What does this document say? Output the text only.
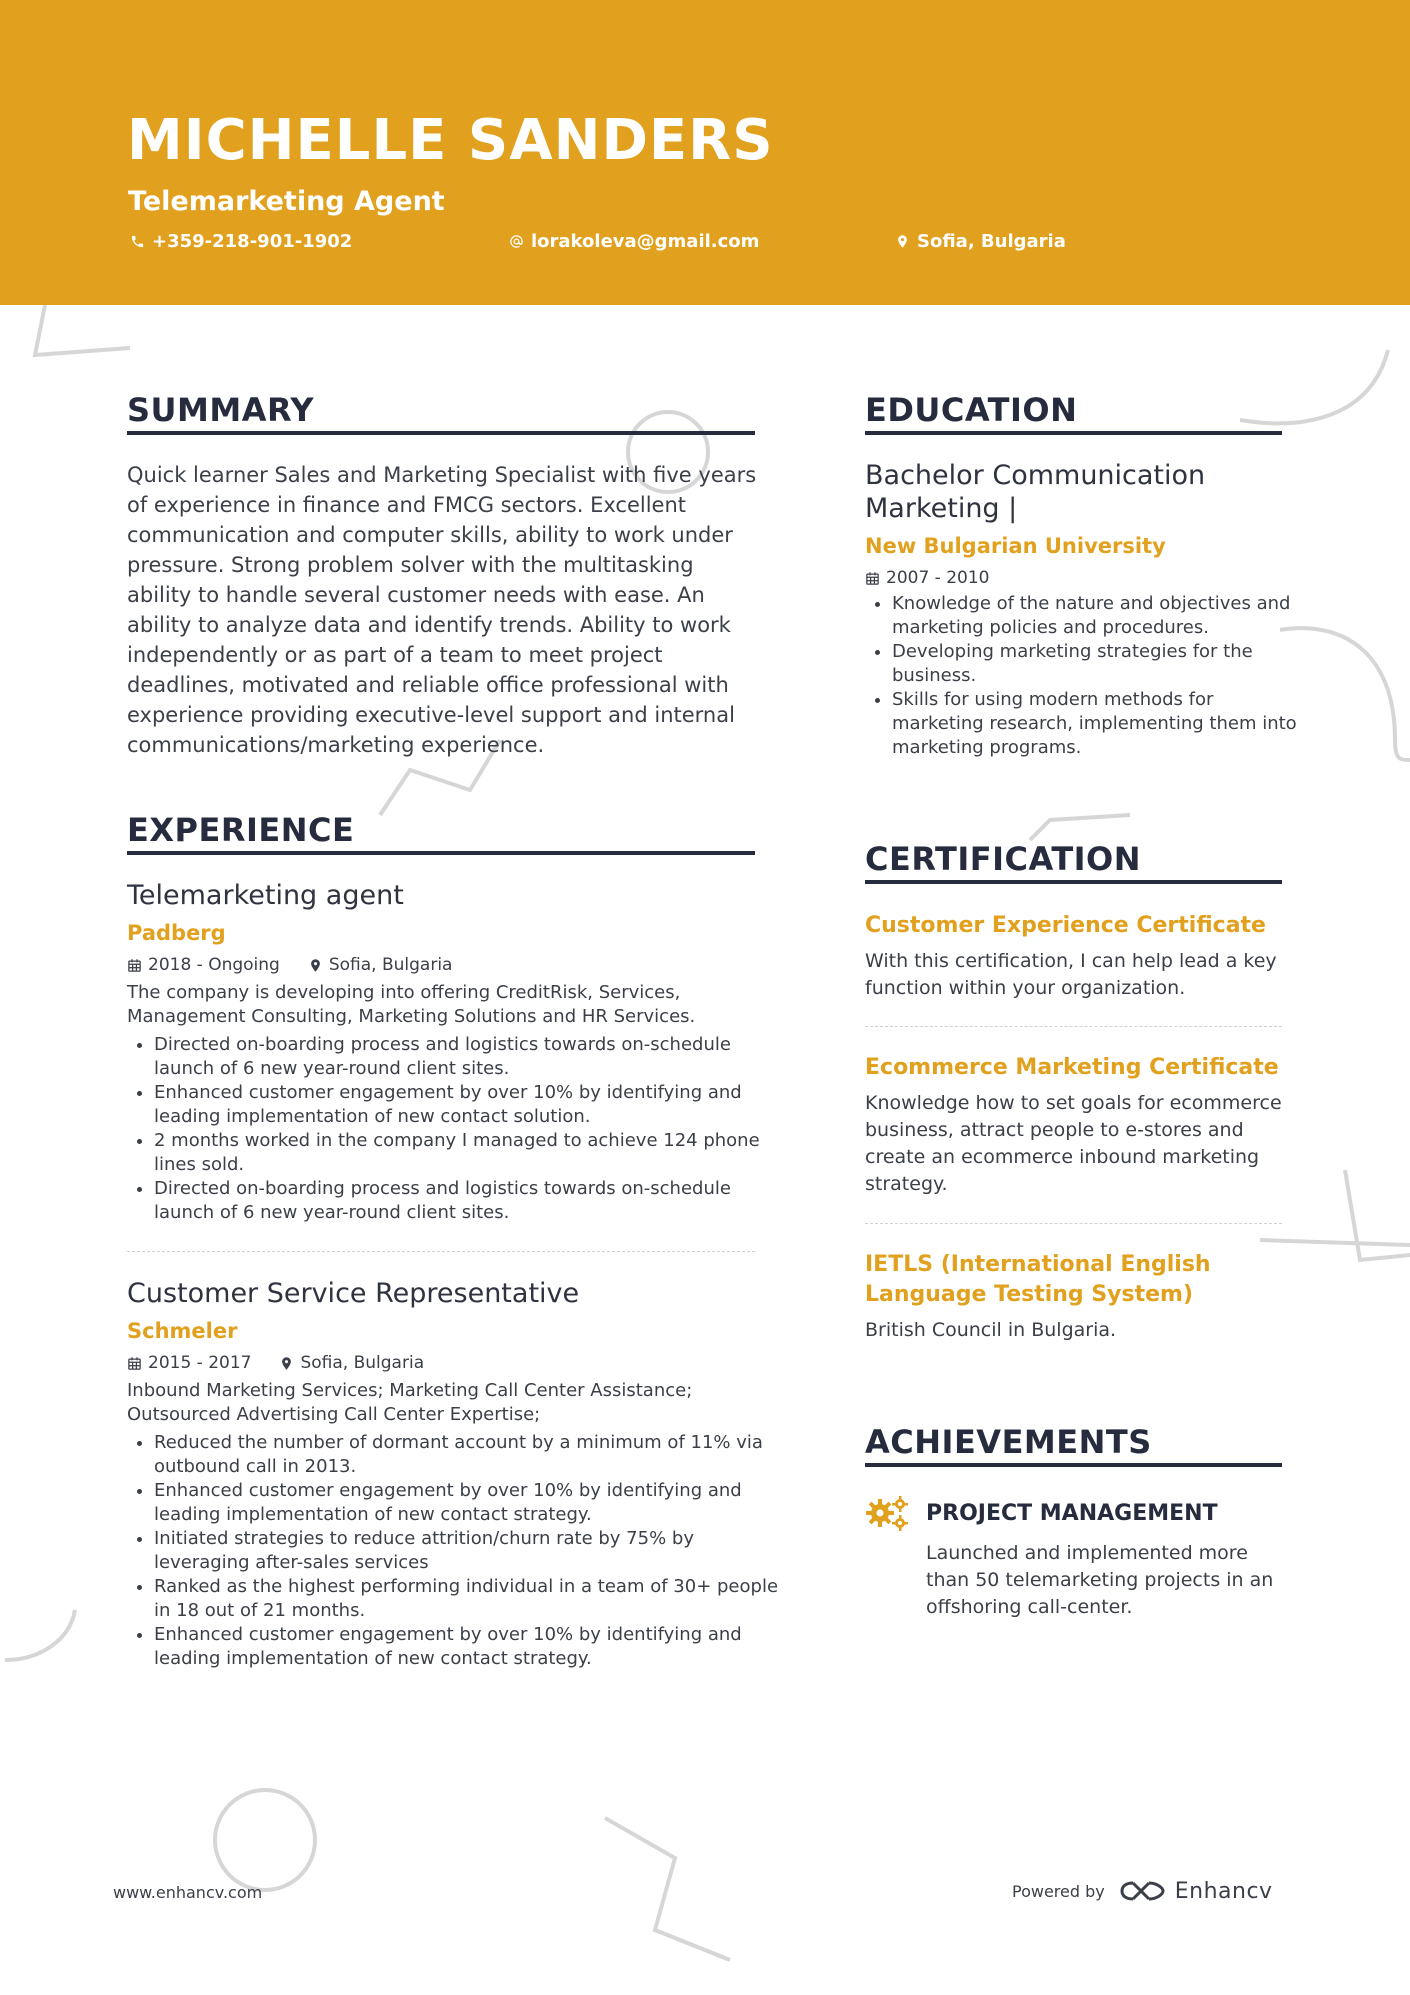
MICHELLE SANDERS
Telemarketing Agent
+359-218-901-1902	lorakoleva@gmail.com	Sofia, Bulgaria
SUMMARY
Quick learner Sales and Marketing Specialist with five years of experience in finance and FMCG sectors. Excellent communication and computer skills, ability to work under pressure. Strong problem solver with the multitasking ability to handle several customer needs with ease. An ability to analyze data and identify trends. Ability to work independently or as part of a team to meet project deadlines, motivated and reliable office professional with experience providing executive-level support and internal communications/marketing experience.
EXPERIENCE
Telemarketing agent
Padberg
2018 - Ongoing	Sofia, Bulgaria
The company is developing into offering CreditRisk, Services, Management Consulting, Marketing Solutions and HR Services.
• Directed on-boarding process and logistics towards on-schedule launch of 6 new year-round client sites.
• Enhanced customer engagement by over 10% by identifying and leading implementation of new contact solution.
• 2 months worked in the company I managed to achieve 124 phone lines sold.
• Directed on-boarding process and logistics towards on-schedule launch of 6 new year-round client sites.
Customer Service Representative
Schmeler
2015 - 2017	Sofia, Bulgaria
Inbound Marketing Services; Marketing Call Center Assistance; Outsourced Advertising Call Center Expertise;
• Reduced the number of dormant account by a minimum of 11% via outbound call in 2013.
• Enhanced customer engagement by over 10% by identifying and leading implementation of new contact strategy.
• Initiated strategies to reduce attrition/churn rate by 75% by leveraging after-sales services
• Ranked as the highest performing individual in a team of 30+ people in 18 out of 21 months.
• Enhanced customer engagement by over 10% by identifying and leading implementation of new contact strategy.
EDUCATION
Bachelor Communication Marketing |
New Bulgarian University
2007 - 2010
• Knowledge of the nature and objectives and marketing policies and procedures.
• Developing marketing strategies for the business.
• Skills for using modern methods for marketing research, implementing them into marketing programs.
CERTIFICATION
Customer Experience Certificate
With this certification, I can help lead a key function within your organization.
Ecommerce Marketing Certificate
Knowledge how to set goals for ecommerce business, attract people to e-stores and create an ecommerce inbound marketing strategy.
IETLS (International English Language Testing System)
British Council in Bulgaria.
ACHIEVEMENTS
PROJECT MANAGEMENT
Launched and implemented more than 50 telemarketing projects in an offshoring call-center.
www.enhancv.com	Powered by	Enhancv
